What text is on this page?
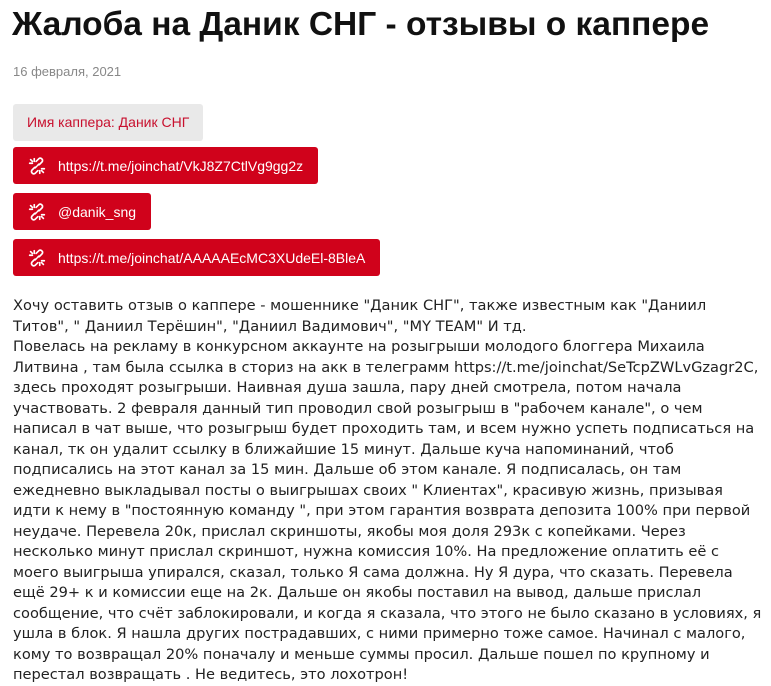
Жалоба на Даник СНГ - отзывы о каппере
16 февраля, 2021
Имя каппера: Даник СНГ
https://t.me/joinchat/VkJ8Z7CtlVg9gg2z
@danik_sng
https://t.me/joinchat/AAAAAEcMC3XUdeEl-8BleA
Хочу оставить отзыв о каппере - мошеннике "Даник СНГ", также известным как "Даниил Титов", " Даниил Терёшин", "Даниил Вадимович", "MY TEAM" И тд.
Повелась на рекламу в конкурсном аккаунте на розыгрыши молодого блоггера Михаила Литвина , там была ссылка в сториз на акк в телеграмм https://t.me/joinchat/SeTcpZWLvGzagr2C, здесь проходят розыгрыши. Наивная душа зашла, пару дней смотрела, потом начала участвовать. 2 февраля данный тип проводил свой розыгрыш в "рабочем канале", о чем написал в чат выше, что розыгрыш будет проходить там, и всем нужно успеть подписаться на канал, тк он удалит ссылку в ближайшие 15 минут. Дальше куча напоминаний, чтоб подписались на этот канал за 15 мин. Дальше об этом канале. Я подписалась, он там ежедневно выкладывал посты о выигрышах своих " Клиентах", красивую жизнь, призывая идти к нему в "постоянную команду ", при этом гарантия возврата депозита 100% при первой неудаче. Перевела 20к, прислал скриншоты, якобы моя доля 293к с копейками. Через несколько минут прислал скриншот, нужна комиссия 10%. На предложение оплатить её с моего выигрыша упирался, сказал, только Я сама должна. Ну Я дура, что сказать. Перевела ещё 29+ к и комиссии еще на 2к. Дальше он якобы поставил на вывод, дальше прислал сообщение, что счёт заблокировали, и когда я сказала, что этого не было сказано в условиях, я ушла в блок. Я нашла других пострадавших, с ними примерно тоже самое. Начинал с малого, кому то возвращал 20% поначалу и меньше суммы просил. Дальше пошел по крупному и перестал возвращать . Не ведитесь, это лохотрон!
